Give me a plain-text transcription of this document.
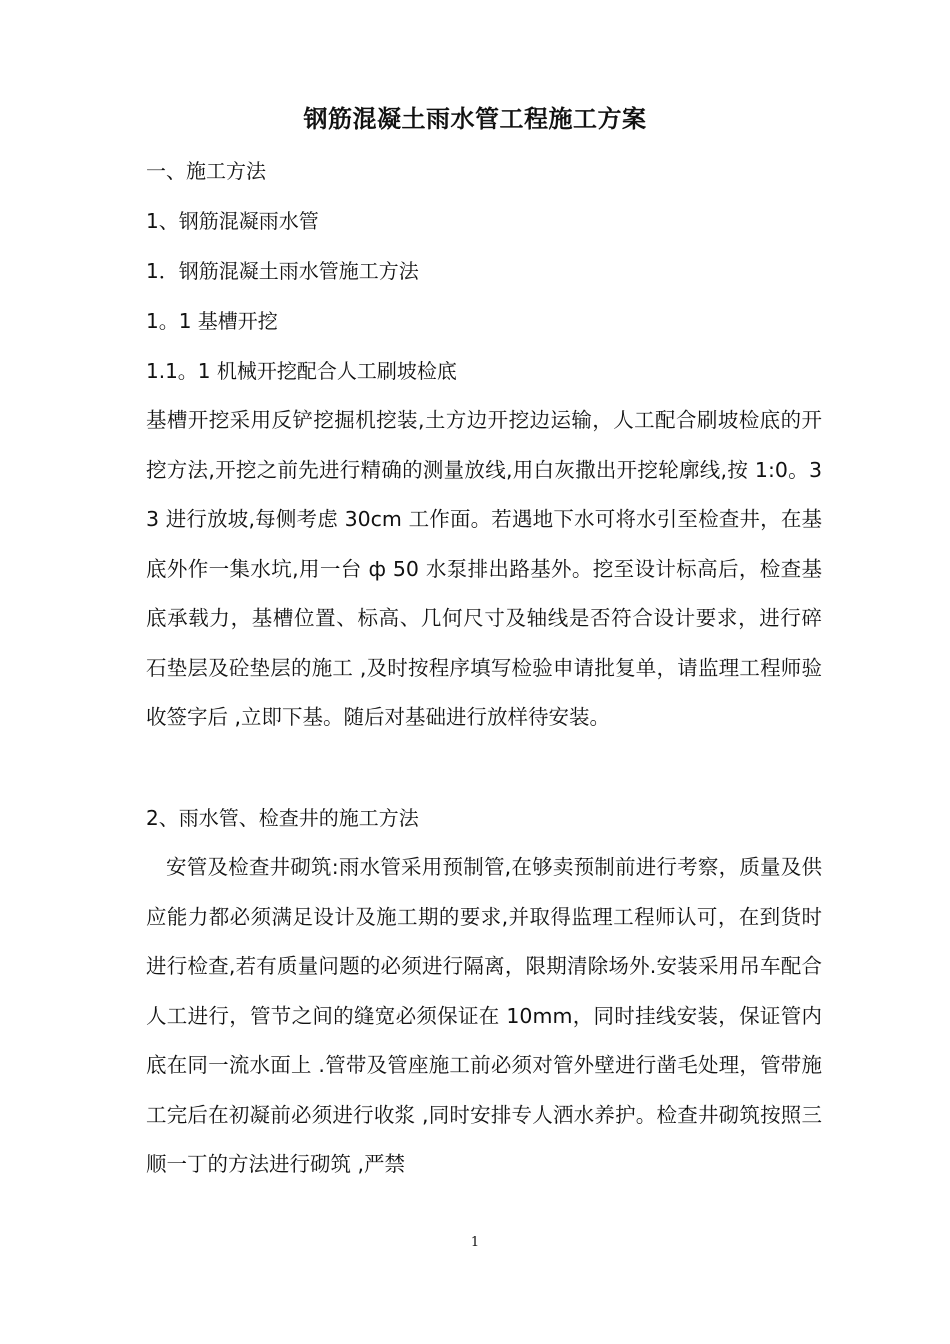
钢筋混凝土雨水管工程施工方案
一、施工方法
1、钢筋混凝雨水管
1．钢筋混凝土雨水管施工方法
1。1 基槽开挖
1.1。1 机械开挖配合人工刷坡检底
基槽开挖采用反铲挖掘机挖装,土方边开挖边运输，人工配合刷坡检底的开挖方法,开挖之前先进行精确的测量放线,用白灰撒出开挖轮廓线,按 1:0。33 进行放坡,每侧考虑 30cm 工作面。若遇地下水可将水引至检查井，在基底外作一集水坑,用一台 ф 50 水泵排出路基外。挖至设计标高后，检查基底承载力，基槽位置、标高、几何尺寸及轴线是否符合设计要求，进行碎石垫层及砼垫层的施工 ,及时按程序填写检验申请批复单，请监理工程师验收签字后 ,立即下基。随后对基础进行放样待安装。
2、雨水管、检查井的施工方法
安管及检查井砌筑:雨水管采用预制管,在够卖预制前进行考察，质量及供应能力都必须满足设计及施工期的要求,并取得监理工程师认可，在到货时进行检查,若有质量问题的必须进行隔离，限期清除场外.安装采用吊车配合人工进行，管节之间的缝宽必须保证在 10mm，同时挂线安装，保证管内底在同一流水面上 .管带及管座施工前必须对管外壁进行凿毛处理，管带施工完后在初凝前必须进行收浆 ,同时安排专人洒水养护。检查井砌筑按照三顺一丁的方法进行砌筑 ,严禁
1
